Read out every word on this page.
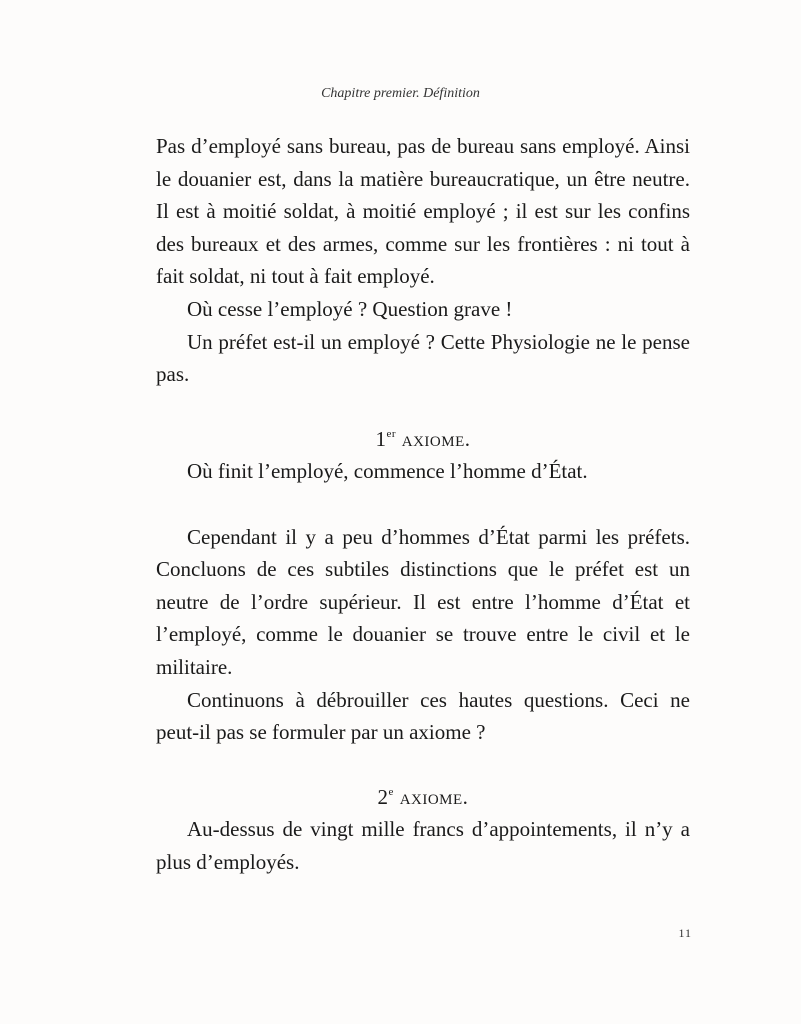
Chapitre premier. Définition

Pas d’employé sans bureau, pas de bureau sans employé. Ainsi le douanier est, dans la matière bureaucratique, un être neutre. Il est à moitié soldat, à moitié employé ; il est sur les confins des bureaux et des armes, comme sur les frontières : ni tout à fait soldat, ni tout à fait employé.

Où cesse l’employé ? Question grave !

Un préfet est-il un employé ? Cette Physiologie ne le pense pas.

1er axiome.

Où finit l’employé, commence l’homme d’État.

Cependant il y a peu d’hommes d’État parmi les préfets. Concluons de ces subtiles distinctions que le préfet est un neutre de l’ordre supérieur. Il est entre l’homme d’État et l’employé, comme le douanier se trouve entre le civil et le militaire.

Continuons à débrouiller ces hautes questions. Ceci ne peut-il pas se formuler par un axiome ?

2e axiome.

Au-dessus de vingt mille francs d’appointements, il n’y a plus d’employés.

11
